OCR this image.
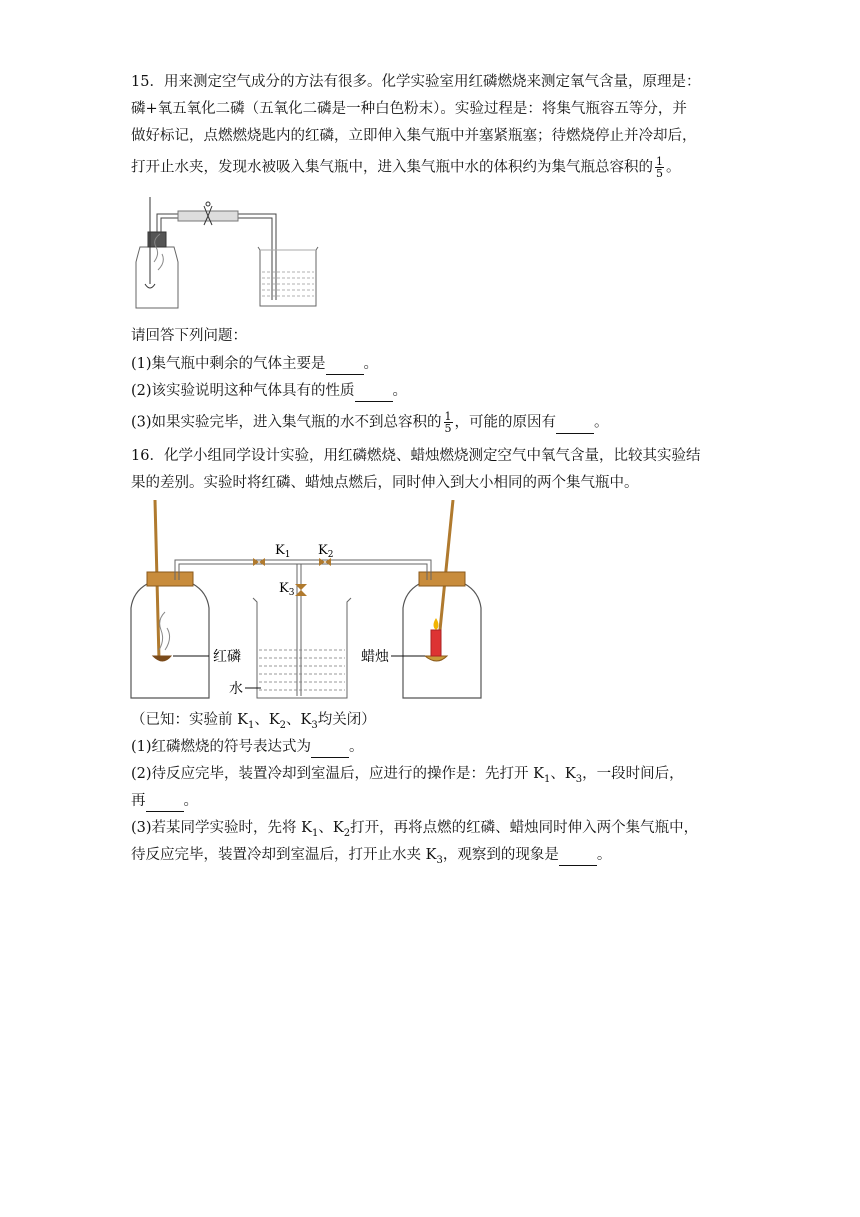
15．用来测定空气成分的方法有很多。化学实验室用红磷燃烧来测定氧气含量，原理是：
磷+氧五氧化二磷（五氧化二磷是一种白色粉末）。实验过程是：将集气瓶容五等分，并
做好标记，点燃燃烧匙内的红磷，立即伸入集气瓶中并塞紧瓶塞；待燃烧停止并冷却后，
打开止水夹，发现水被吸入集气瓶中，进入集气瓶中水的体积约为集气瓶总容积的 $\frac{1}{5}$ 。
请回答下列问题：
(1)集气瓶中剩余的气体主要是	。
(2)该实验说明这种气体具有的性质	。
(3)如果实验完毕，进入集气瓶的水不到总容积的 $\frac{1}{5}$ ，可能的原因有	。
16．化学小组同学设计实验，用红磷燃烧、蜡烛燃烧测定空气中氧气含量，比较其实验结
果的差别。实验时将红磷、蜡烛点燃后，同时伸入到大小相同的两个集气瓶中。
红磷	蜡烛
$K_1$ $K_2$
$K_3$
水
（已知：实验前 $K_1$、$K_2$、$K_3$均关闭）
(1)红磷燃烧的符号表达式为	。
(2)待反应完毕，装置冷却到室温后，应进行的操作是：先打开 $K_1$、$K_3$，一段时间后，
再	。
(3)若某同学实验时，先将 $K_1$、$K_2$打开，再将点燃的红磷、蜡烛同时伸入两个集气瓶中，
待反应完毕，装置冷却到室温后，打开止水夹 $K_3$，观察到的现象是	。
